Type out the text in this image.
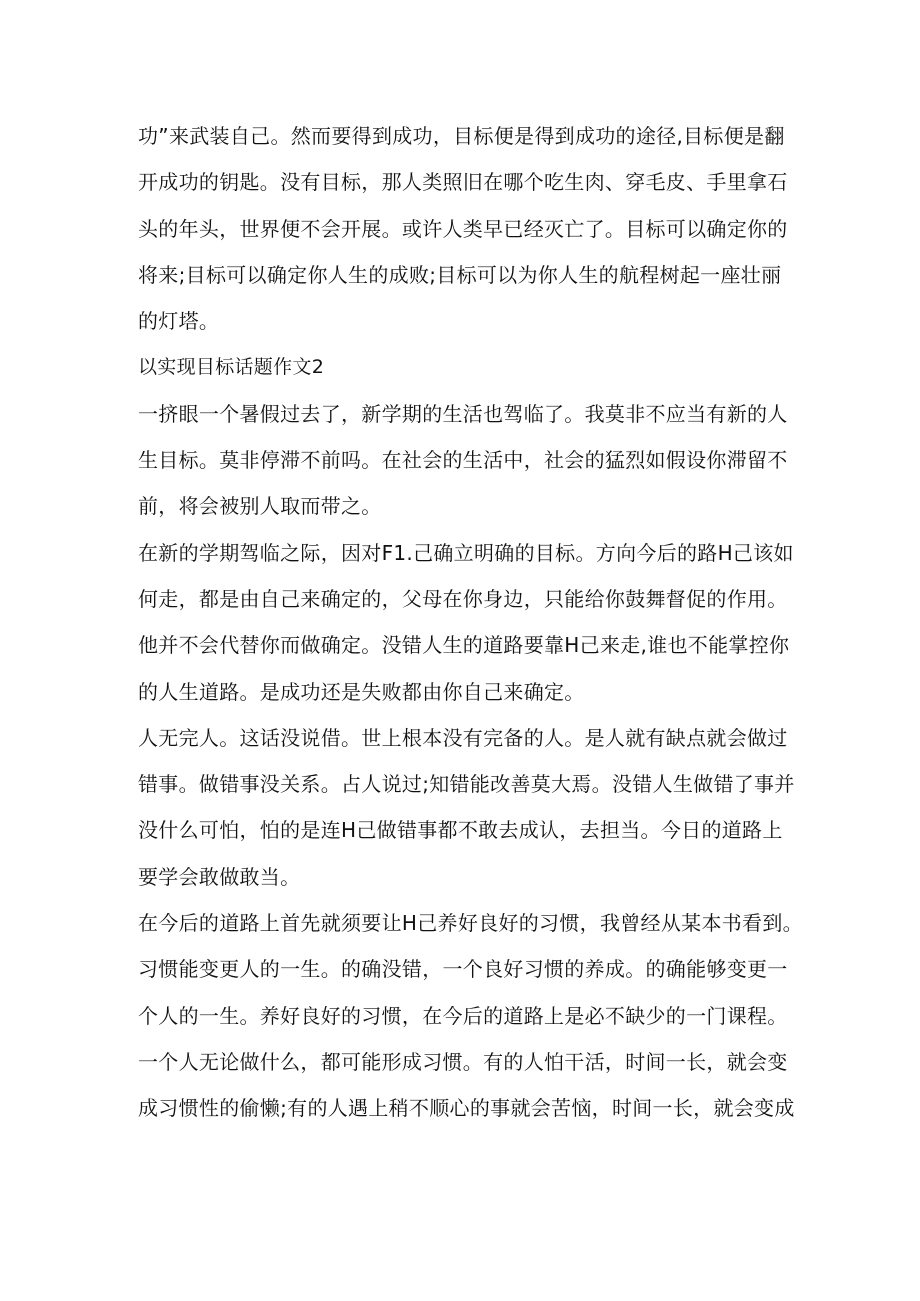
功”来武装自己。然而要得到成功，目标便是得到成功的途径,目标便是翻
开成功的钥匙。没有目标，那人类照旧在哪个吃生肉、穿毛皮、手里拿石
头的年头，世界便不会开展。或许人类早已经灭亡了。目标可以确定你的
将来;目标可以确定你人生的成败;目标可以为你人生的航程树起一座壮丽
的灯塔。
以实现目标话题作文2
一挤眼一个暑假过去了，新学期的生活也驾临了。我莫非不应当有新的人
生目标。莫非停滞不前吗。在社会的生活中，社会的猛烈如假设你滞留不
前，将会被别人取而带之。
在新的学期驾临之际，因对F1.己确立明确的目标。方向今后的路H己该如
何走，都是由自己来确定的，父母在你身边，只能给你鼓舞督促的作用。
他并不会代替你而做确定。没错人生的道路要靠H己来走,谁也不能掌控你
的人生道路。是成功还是失败都由你自己来确定。
人无完人。这话没说借。世上根本没有完备的人。是人就有缺点就会做过
错事。做错事没关系。占人说过;知错能改善莫大焉。没错人生做错了事并
没什么可怕，怕的是连H己做错事都不敢去成认，去担当。今日的道路上
要学会敢做敢当。
在今后的道路上首先就须要让H己养好良好的习惯，我曾经从某本书看到。
习惯能变更人的一生。的确没错，一个良好习惯的养成。的确能够变更一
个人的一生。养好良好的习惯，在今后的道路上是必不缺少的一门课程。
一个人无论做什么，都可能形成习惯。有的人怕干活，时间一长，就会变
成习惯性的偷懒;有的人遇上稍不顺心的事就会苦恼，时间一长，就会变成
